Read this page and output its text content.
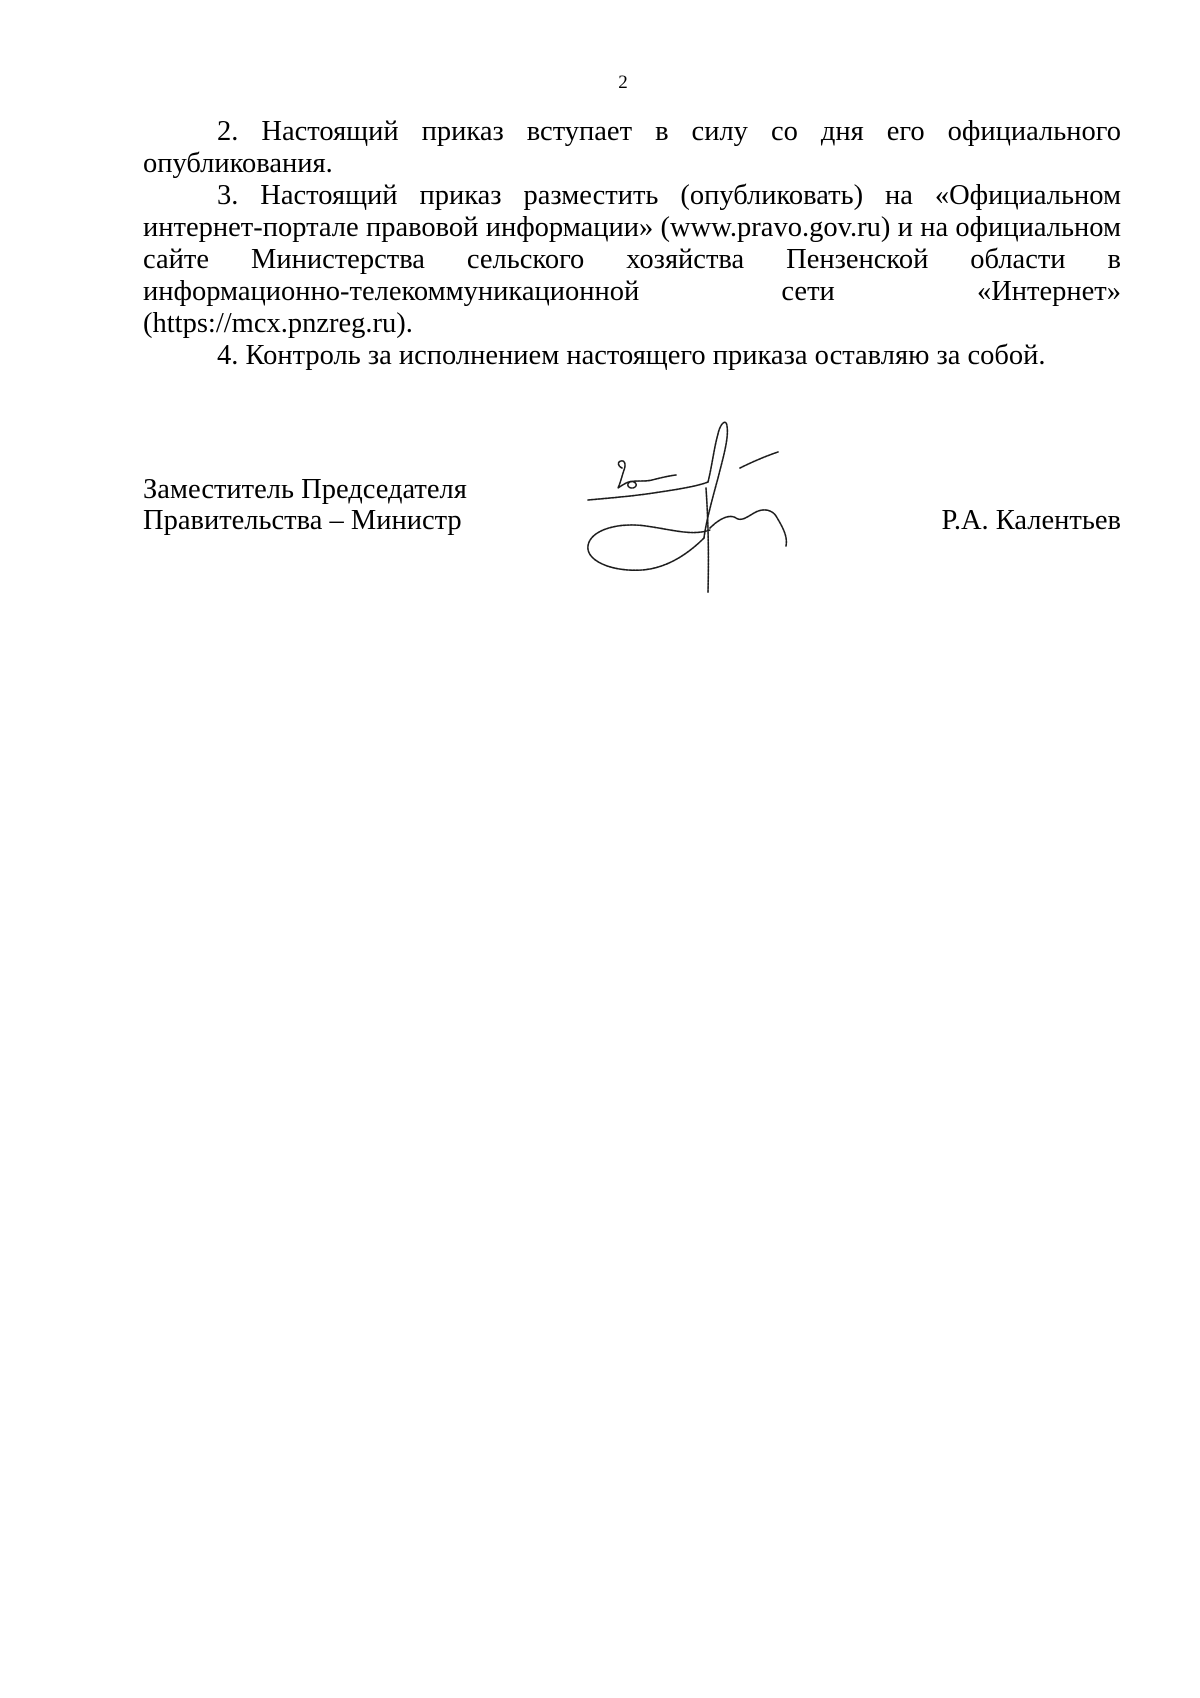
2

2. Настоящий приказ вступает в силу со дня его официального опубликования.

3. Настоящий приказ разместить (опубликовать) на «Официальном интернет-портале правовой информации» (www.pravo.gov.ru) и на официальном сайте Министерства сельского хозяйства Пензенской области в информационно-телекоммуникационной сети «Интернет» (https://mcx.pnzreg.ru).

4. Контроль за исполнением настоящего приказа оставляю за собой.

Заместитель Председателя
Правительства – Министр	Р.А. Калентьев
